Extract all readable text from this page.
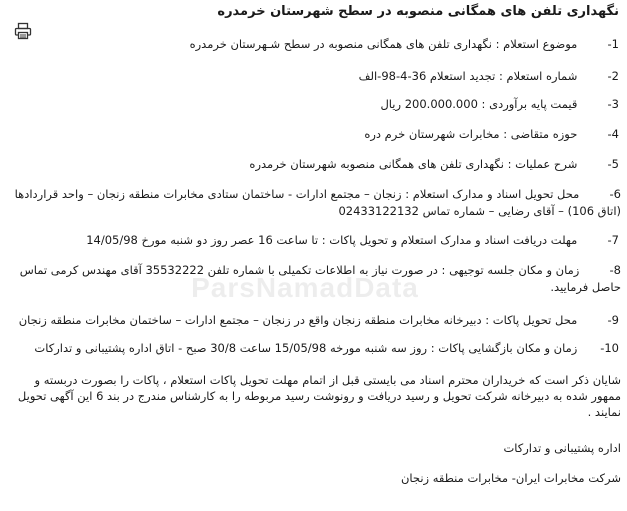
ParsNamadData
نگهداری تلفن های همگانی منصوبه در سطح شهرستان خرمدره
1- موضوع استعلام : نگهداری تلفن های همگانی منصوبه در سطح شـهرستان خرمدره
2- شماره استعلام : تجدید استعلام 36-4-98-الف
3- قیمت پایه برآوردی : 200.000.000 ریال
4- حوزه متقاضی : مخابرات شهرستان خرم دره
5- شرح عملیات : نگهداری تلفن های همگانی منصوبه شهرستان خرمدره
6- محل تحویل اسناد و مدارک استعلام : زنجان – مجتمع ادارات - ساختمان ستادی مخابرات منطقه زنجان – واحد قراردادها (اتاق 106) – آقای رضایی – شماره تماس 02433122132
7- مهلت دریافت اسناد و مدارک استعلام و تحویل پاکات : تا ساعت 16 عصر روز دو شنبه مورخ 14/05/98
8- زمان و مکان جلسه توجیهی : در صورت نیاز به اطلاعات تکمیلی با شماره تلفن 35532222 آقای مهندس کرمی تماس حاصل فرمایید.
9- محل تحویل پاکات : دبیرخانه مخابرات منطقه زنجان واقع در زنجان – مجتمع ادارات – ساختمان مخابرات منطقه زنجان
10- زمان و مکان بازگشایی پاکات : روز سه شنبه مورخه 15/05/98 ساعت 30/8 صبح - اتاق اداره پشتیبانی و تدارکات
شایان ذکر است که خریداران محترم اسناد می بایستی قبل از اتمام مهلت تحویل پاکات استعلام ، پاکات را بصورت دربسته و ممهور شده به دبیرخانه شرکت تحویل و رسید دریافت و رونوشت رسید مربوطه را به کارشناس مندرج در بند 6 این آگهی تحویل نمایند .
اداره پشتیبانی و تدارکات
شرکت مخابرات ایران- مخابرات منطقه زنجان
